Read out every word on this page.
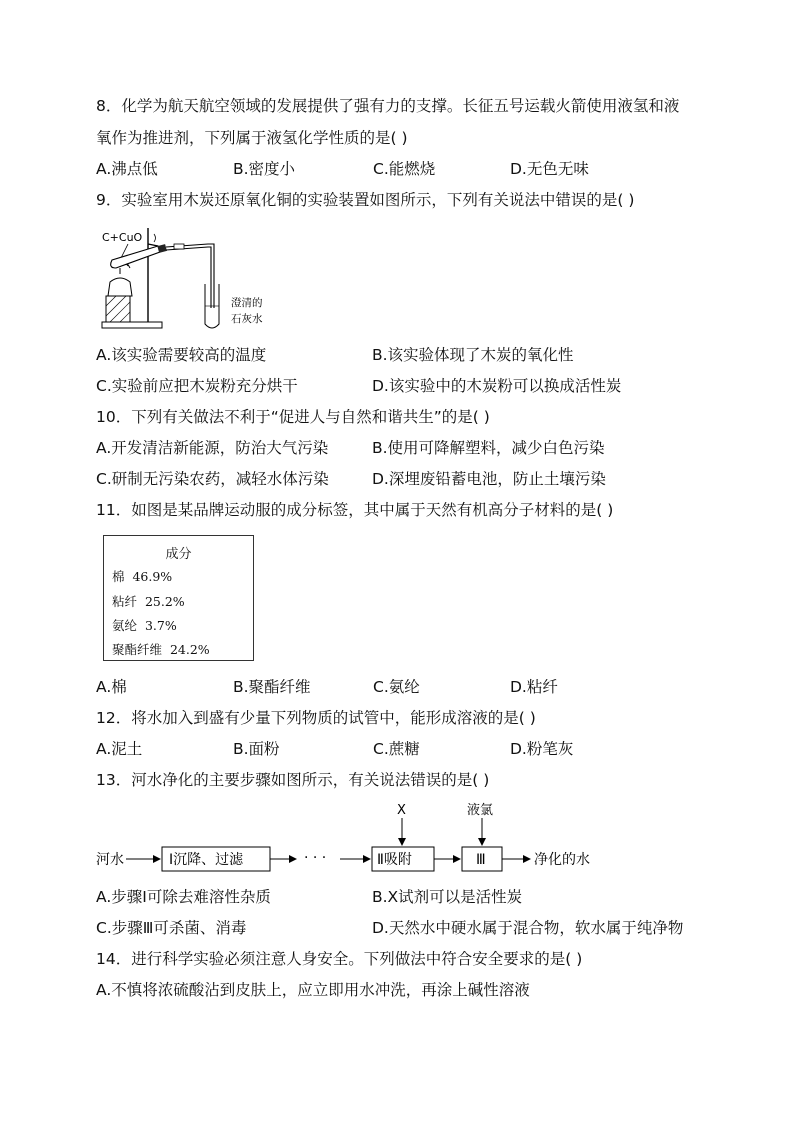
8．化学为航天航空领域的发展提供了强有力的支撑。长征五号运载火箭使用液氢和液
氧作为推进剂，下列属于液氢化学性质的是( )
A.沸点低	B.密度小	C.能燃烧	D.无色无味
9．实验室用木炭还原氧化铜的实验装置如图所示，下列有关说法中错误的是( )
C+CuO
澄清的
石灰水
A.该实验需要较高的温度	B.该实验体现了木炭的氧化性
C.实验前应把木炭粉充分烘干	D.该实验中的木炭粉可以换成活性炭
10．下列有关做法不利于“促进人与自然和谐共生”的是( )
A.开发清洁新能源，防治大气污染	B.使用可降解塑料，减少白色污染
C.研制无污染农药，减轻水体污染	D.深埋废铅蓄电池，防止土壤污染
11．如图是某品牌运动服的成分标签，其中属于天然有机高分子材料的是( )
成分
棉  46.9%
粘纤  25.2%
氨纶  3.7%
聚酯纤维  24.2%
A.棉	B.聚酯纤维	C.氨纶	D.粘纤
12．将水加入到盛有少量下列物质的试管中，能形成溶液的是( )
A.泥土	B.面粉	C.蔗糖	D.粉笔灰
13．河水净化的主要步骤如图所示，有关说法错误的是( )
河水	Ⅰ沉降、过滤	· · ·	Ⅱ吸附
X
Ⅲ
液氯
净化的水
A.步骤Ⅰ可除去难溶性杂质	B.X试剂可以是活性炭
C.步骤Ⅲ可杀菌、消毒	D.天然水中硬水属于混合物，软水属于纯净物
14．进行科学实验必须注意人身安全。下列做法中符合安全要求的是( )
A.不慎将浓硫酸沾到皮肤上，应立即用水冲洗，再涂上碱性溶液
